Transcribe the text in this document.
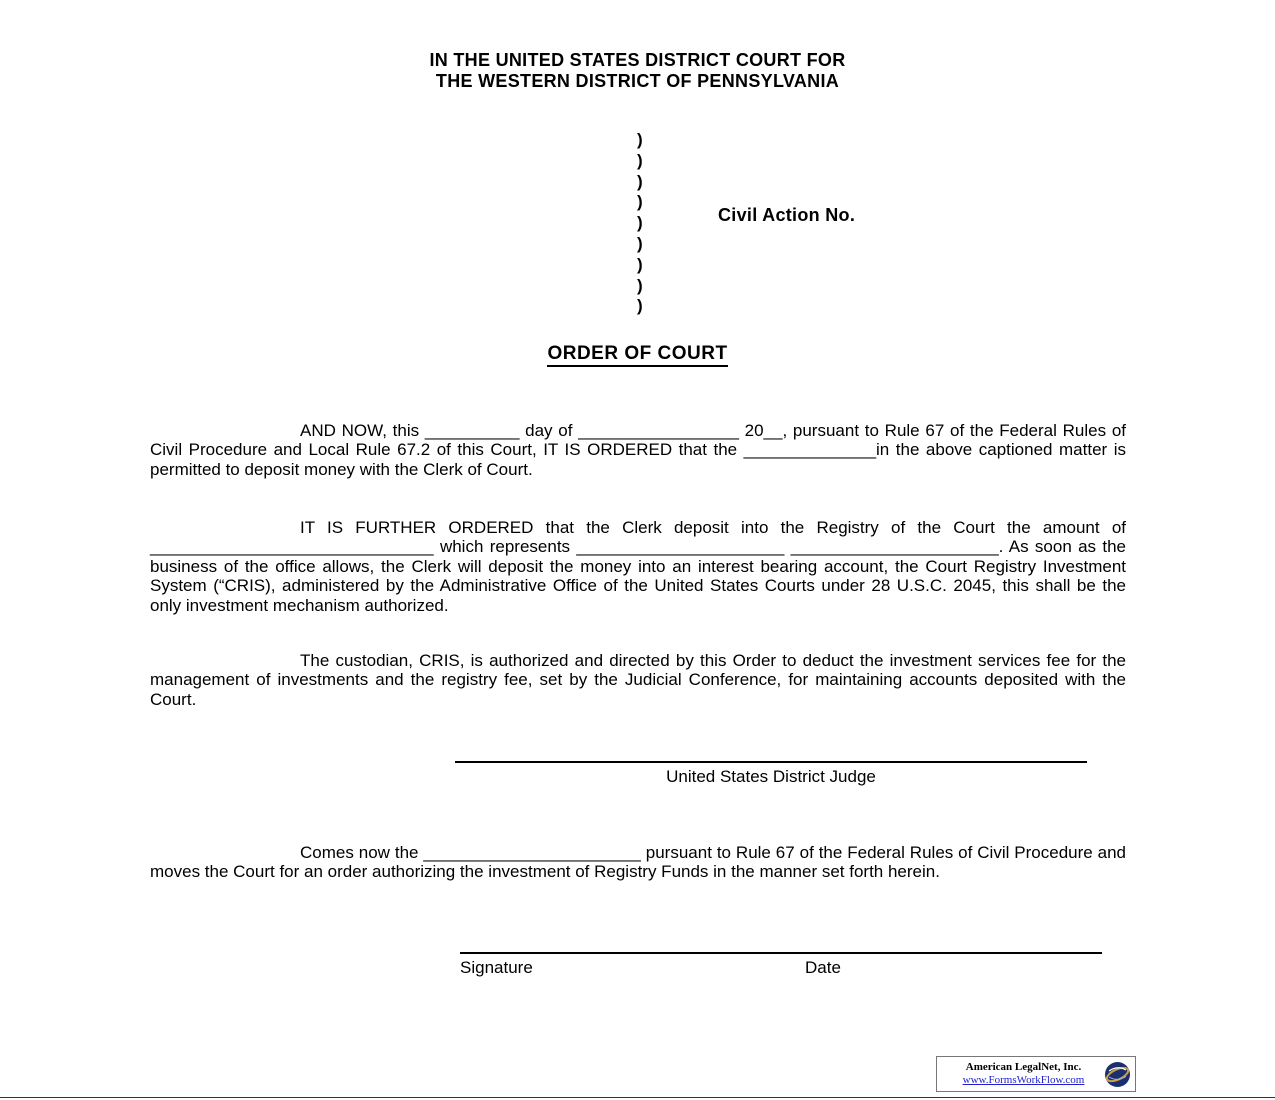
IN THE UNITED STATES DISTRICT COURT FOR
THE WESTERN DISTRICT OF PENNSYLVANIA
)
)
)
)
)
)
)
)
)
Civil Action No.
ORDER OF COURT

AND NOW, this __________ day of _________________ 20__, pursuant to Rule 67 of the Federal Rules of Civil Procedure and Local Rule 67.2 of this Court, IT IS ORDERED that the ______________in the above captioned matter is permitted to deposit money with the Clerk of Court.

IT IS FURTHER ORDERED that the Clerk deposit into the Registry of the Court the amount of ______________________________ which represents ______________________ ______________________. As soon as the business of the office allows, the Clerk will deposit the money into an interest bearing account, the Court Registry Investment System (“CRIS), administered by the Administrative Office of the United States Courts under 28 U.S.C. 2045, this shall be the only investment mechanism authorized.

The custodian, CRIS, is authorized and directed by this Order to deduct the investment services fee for the management of investments and the registry fee, set by the Judicial Conference, for maintaining accounts deposited with the Court.

United States District Judge

Comes now the _______________________ pursuant to Rule 67 of the Federal Rules of Civil Procedure and moves the Court for an order authorizing the investment of Registry Funds in the manner set forth herein.

Signature	Date
American LegalNet, Inc.
www.FormsWorkFlow.com
